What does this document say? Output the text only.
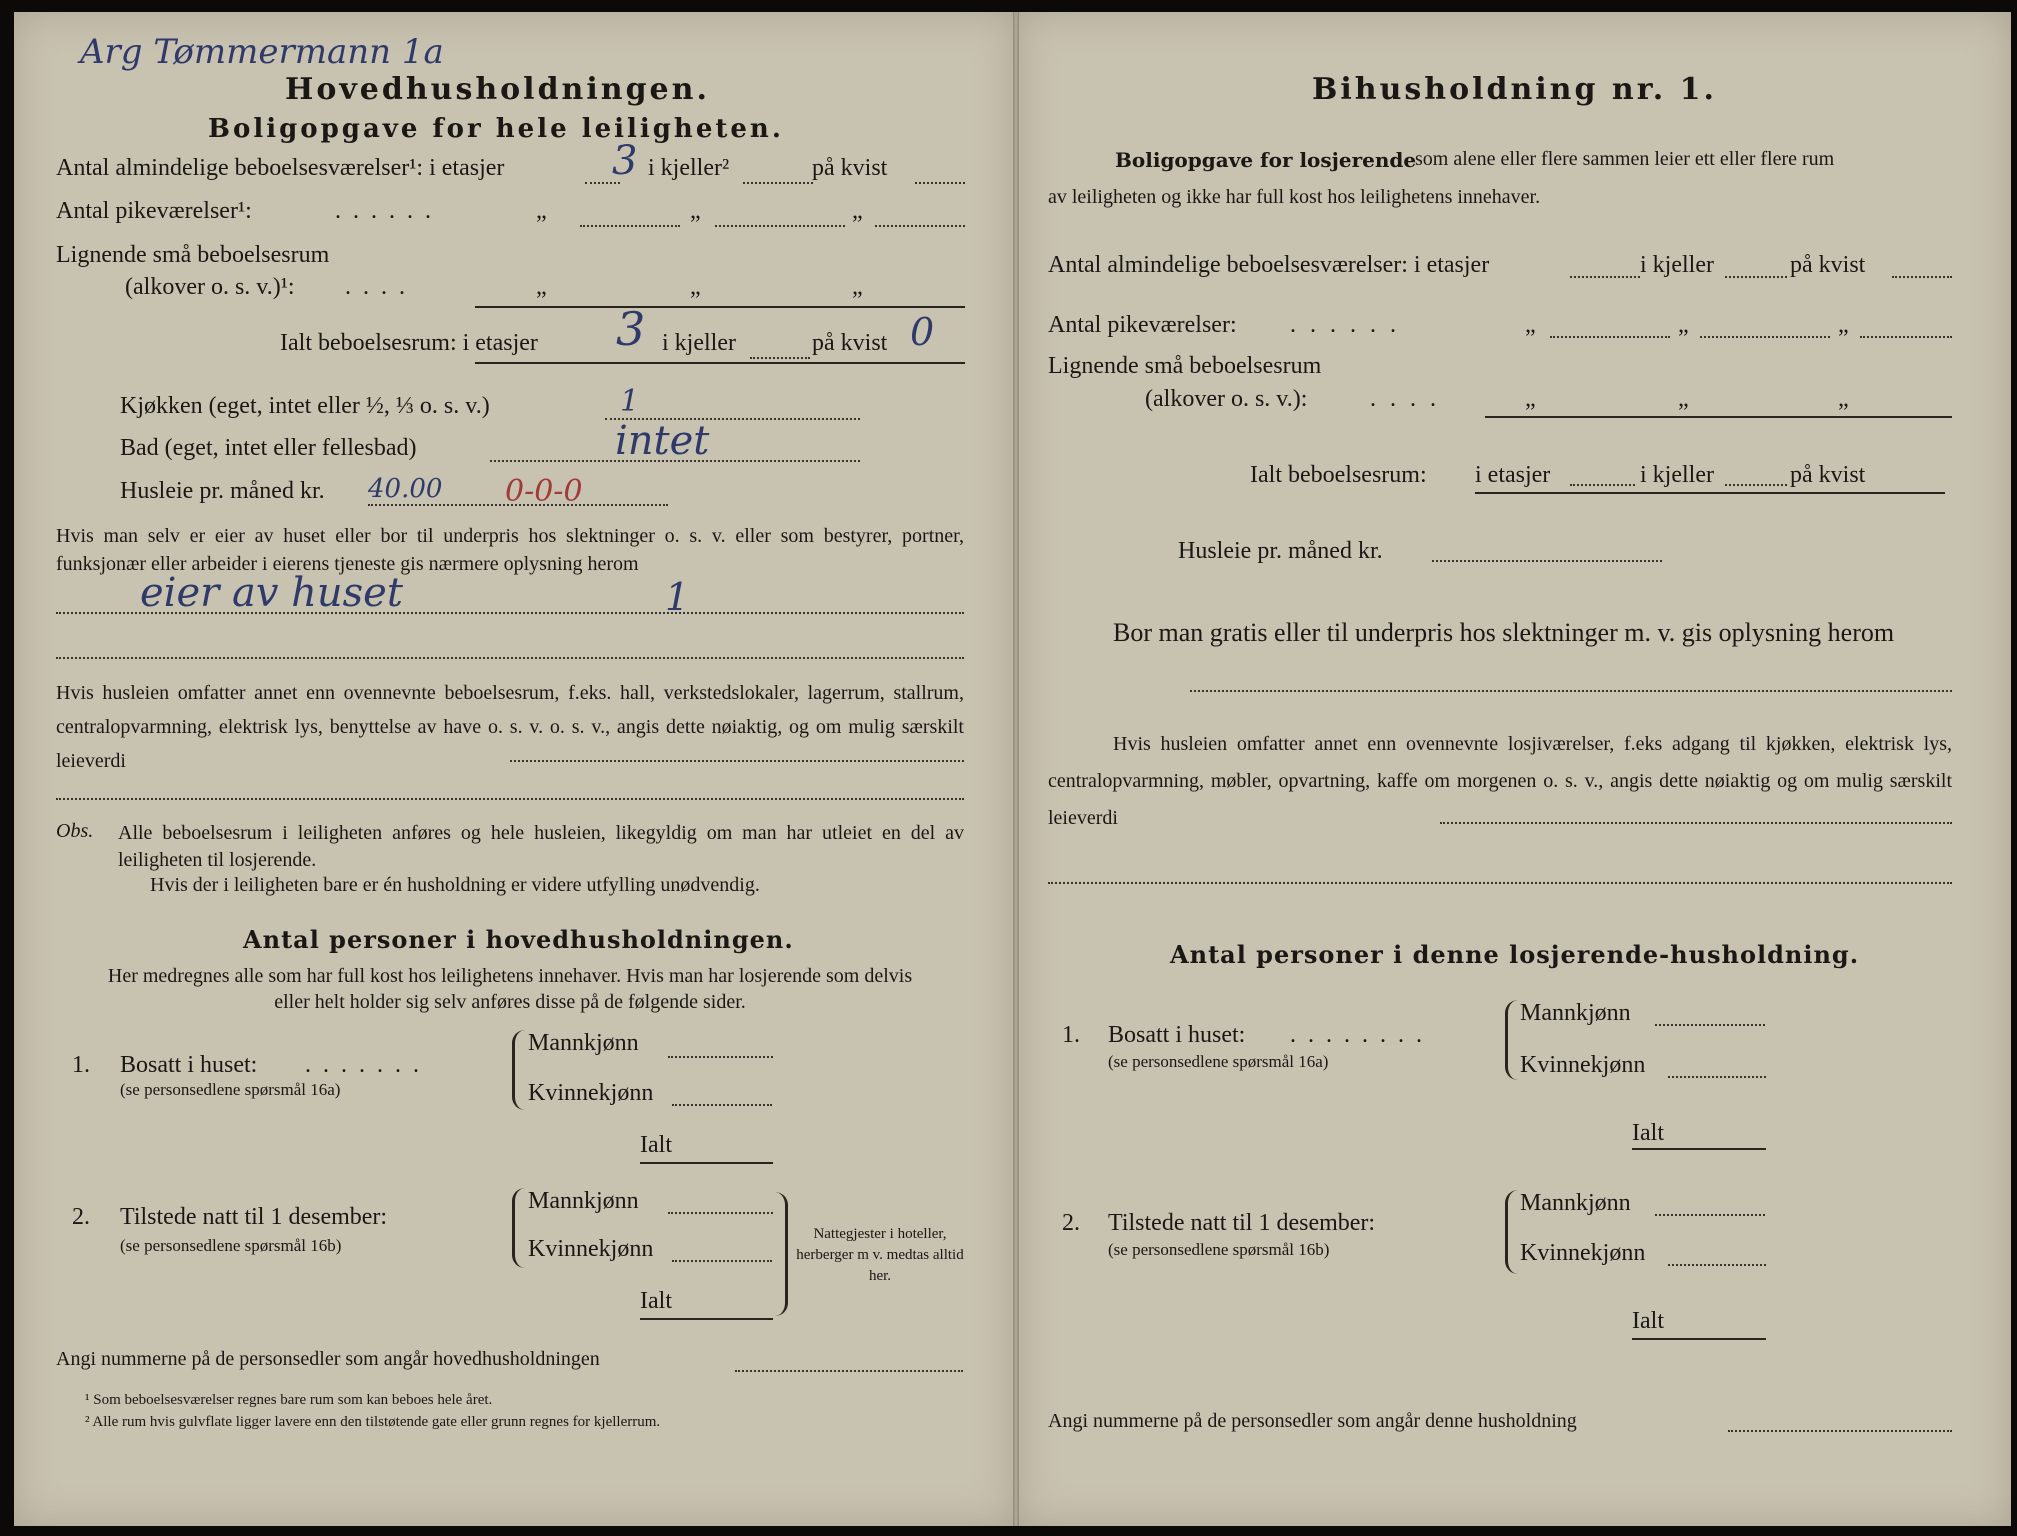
Arg Tømmermann 1a
Hovedhusholdningen.
Boligopgave for hele leiligheten.
Antal almindelige beboelsesværelser¹: i etasjer	3 i kjeller²	på kvist
Antal pikeværelser¹:	......	„	„	„
Lignende små beboelsesrum
(alkover o. s. v.)¹: ....	„	„	„
Ialt beboelsesrum: i etasjer 3 i kjeller	på kvist 0
Kjøkken (eget, intet eller ½, ⅓ o. s. v.)	1
Bad (eget, intet eller fellesbad)	intet
Husleie pr. måned kr. 40.00 0-0-0
Hvis man selv er eier av huset eller bor til underpris hos slektninger o. s. v. eller som bestyrer, portner, funksjonær eller arbeider i eierens tjeneste gis nærmere oplysning herom
eier av huset	1
Hvis husleien omfatter annet enn ovennevnte beboelsesrum, f.eks. hall, verkstedslokaler, lagerrum, stallrum, centralopvarmning, elektrisk lys, benyttelse av have o. s. v. o. s. v., angis dette nøiaktig, og om mulig særskilt leieverdi
Obs. Alle beboelsesrum i leiligheten anføres og hele husleien, likegyldig om man har utleiet en del av leiligheten til losjerende.
Hvis der i leiligheten bare er én husholdning er videre utfylling unødvendig.
Antal personer i hovedhusholdningen.
Her medregnes alle som har full kost hos leilighetens innehaver. Hvis man har losjerende som delvis eller helt holder sig selv anføres disse på de følgende sider.
1. Bosatt i huset: .......
(se personsedlene spørsmål 16a)
Mannkjønn
Kvinnekjønn
Ialt
2. Tilstede natt til 1 desember:
(se personsedlene spørsmål 16b)
Mannkjønn
Kvinnekjønn
Ialt
Nattegjester i hoteller, herberger m v. medtas alltid her.
Angi nummerne på de personsedler som angår hovedhusholdningen
¹ Som beboelsesværelser regnes bare rum som kan beboes hele året.
² Alle rum hvis gulvflate ligger lavere enn den tilstøtende gate eller grunn regnes for kjellerrum.
Bihusholdning nr. 1.
Boligopgave for losjerende
som alene eller flere sammen leier ett eller flere rum
av leiligheten og ikke har full kost hos leilighetens innehaver.
Antal almindelige beboelsesværelser: i etasjer	i kjeller	på kvist
Antal pikeværelser: ......	„	„	„
Lignende små beboelsesrum
(alkover o. s. v.):	....	„	„	„
Ialt beboelsesrum: i etasjer	i kjeller	på kvist
Husleie pr. måned kr.
Bor man gratis eller til underpris hos slektninger m. v. gis oplysning herom
Hvis husleien omfatter annet enn ovennevnte losjiværelser, f.eks adgang til kjøkken, elektrisk lys, centralopvarmning, møbler, opvartning, kaffe om morgenen o. s. v., angis dette nøiaktig og om mulig særskilt leieverdi
Antal personer i denne losjerende-husholdning.
1. Bosatt i huset: ........
(se personsedlene spørsmål 16a)
Mannkjønn
Kvinnekjønn
Ialt
2. Tilstede natt til 1 desember:
(se personsedlene spørsmål 16b)
Mannkjønn
Kvinnekjønn
Ialt
Angi nummerne på de personsedler som angår denne husholdning
